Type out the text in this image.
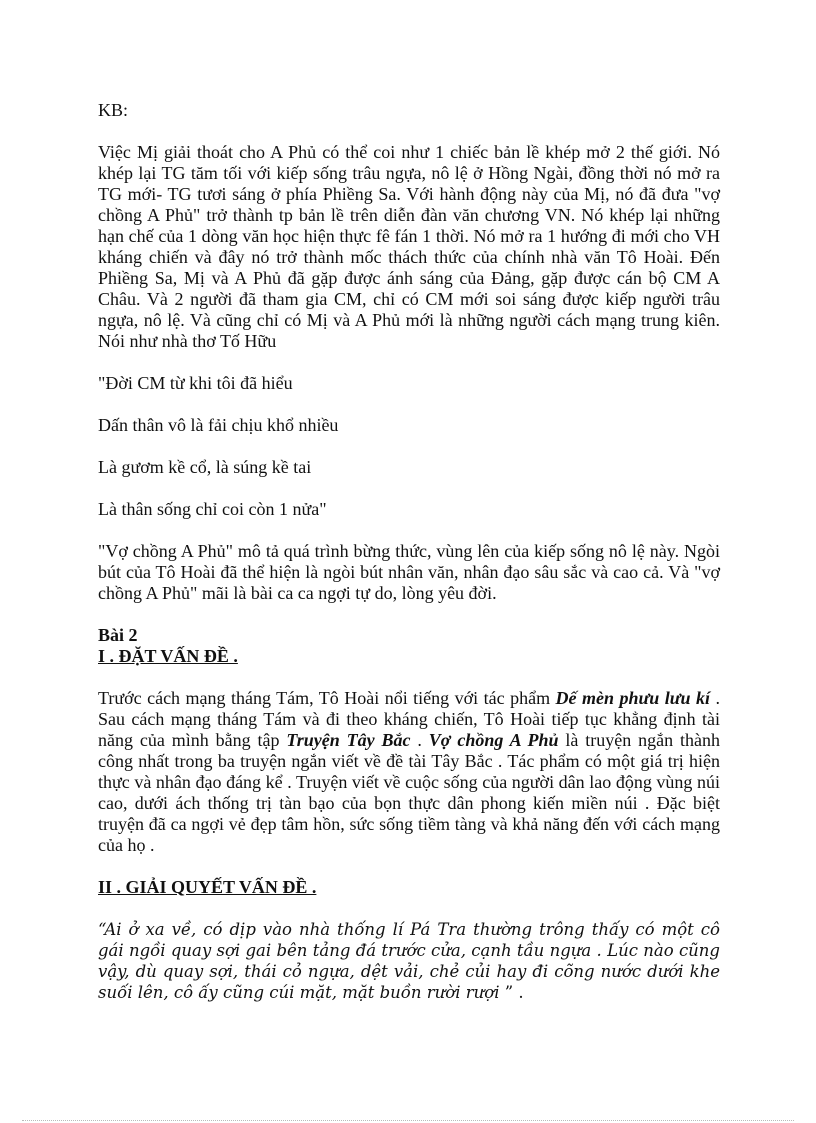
KB:

Việc Mị giải thoát cho A Phủ có thể coi như 1 chiếc bản lề khép mở 2 thế giới. Nó khép lại TG tăm tối với kiếp sống trâu ngựa, nô lệ ở Hồng Ngài, đồng thời nó mở ra TG mới- TG tươi sáng ở phía Phiềng Sa. Với hành động này của Mị, nó đã đưa "vợ chồng A Phủ" trở thành tp bản lề trên diễn đàn văn chương VN. Nó khép lại những hạn chế của 1 dòng văn học hiện thực fê fán 1 thời. Nó mở ra 1 hướng đi mới cho VH kháng chiến và đây nó trở thành mốc thách thức của chính nhà văn Tô Hoài. Đến Phiềng Sa, Mị và A Phủ đã gặp được ánh sáng của Đảng, gặp được cán bộ CM A Châu. Và 2 người đã tham gia CM, chỉ có CM mới soi sáng được kiếp người trâu ngựa, nô lệ. Và cũng chỉ có Mị và A Phủ mới là những người cách mạng trung kiên. Nói như nhà thơ Tố Hữu

"Đời CM từ khi tôi đã hiểu

Dấn thân vô là fải chịu khổ nhiều

Là gươm kề cổ, là súng kề tai

Là thân sống chỉ coi còn 1 nửa"

"Vợ chồng A Phủ" mô tả quá trình bừng thức, vùng lên của kiếp sống nô lệ này. Ngòi bút của Tô Hoài đã thể hiện là ngòi bút nhân văn, nhân đạo sâu sắc và cao cả. Và "vợ chồng A Phủ" mãi là bài ca ca ngợi tự do, lòng yêu đời.

Bài 2

I . ĐẶT VẤN ĐỀ .

Trước cách mạng tháng Tám, Tô Hoài nổi tiếng với tác phẩm Dế mèn phưu lưu kí . Sau cách mạng tháng Tám và đi theo kháng chiến, Tô Hoài tiếp tục khẳng định tài năng của mình bằng tập Truyện Tây Bắc . Vợ chồng A Phủ là truyện ngắn thành công nhất trong ba truyện ngắn viết về đề tài Tây Bắc . Tác phẩm có một giá trị hiện thực và nhân đạo đáng kể . Truyện viết về cuộc sống của người dân lao động vùng núi cao, dưới ách thống trị tàn bạo của bọn thực dân phong kiến miền núi . Đặc biệt truyện đã ca ngợi vẻ đẹp tâm hồn, sức sống tiềm tàng và khả năng đến với cách mạng của họ .

II . GIẢI QUYẾT VẤN ĐỀ .

“Ai ở xa về, có dịp vào nhà thống lí Pá Tra thường trông thấy có một cô gái ngồi quay sợi gai bên tảng đá trước cửa, cạnh tầu ngựa . Lúc nào cũng vậy, dù quay sợi, thái cỏ ngựa, dệt vải, chẻ củi hay đi cõng nước dưới khe suối lên, cô ấy cũng cúi mặt, mặt buồn rười rượi ” .
